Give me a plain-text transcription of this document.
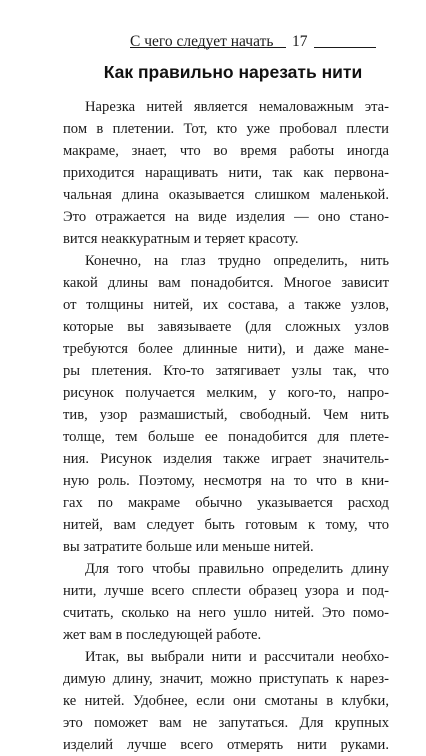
С чего следует начать	17
Как правильно нарезать нити
Нарезка нитей является немаловажным эта-
пом в плетении. Тот, кто уже пробовал плести
макраме, знает, что во время работы иногда
приходится наращивать нити, так как первона-
чальная длина оказывается слишком маленькой.
Это отражается на виде изделия — оно стано-
вится неаккуратным и теряет красоту.
Конечно, на глаз трудно определить, нить
какой длины вам понадобится. Многое зависит
от толщины нитей, их состава, а также узлов,
которые вы завязываете (для сложных узлов
требуются более длинные нити), и даже мане-
ры плетения. Кто-то затягивает узлы так, что
рисунок получается мелким, у кого-то, напро-
тив, узор размашистый, свободный. Чем нить
толще, тем больше ее понадобится для плете-
ния. Рисунок изделия также играет значитель-
ную роль. Поэтому, несмотря на то что в кни-
гах по макраме обычно указывается расход
нитей, вам следует быть готовым к тому, что
вы затратите больше или меньше нитей.
Для того чтобы правильно определить длину
нити, лучше всего сплести образец узора и под-
считать, сколько на него ушло нитей. Это помо-
жет вам в последующей работе.
Итак, вы выбрали нити и рассчитали необхо-
димую длину, значит, можно приступать к нарез-
ке нитей. Удобнее, если они смотаны в клубки,
это поможет вам не запутаться. Для крупных
изделий лучше всего отмерять нити руками.
